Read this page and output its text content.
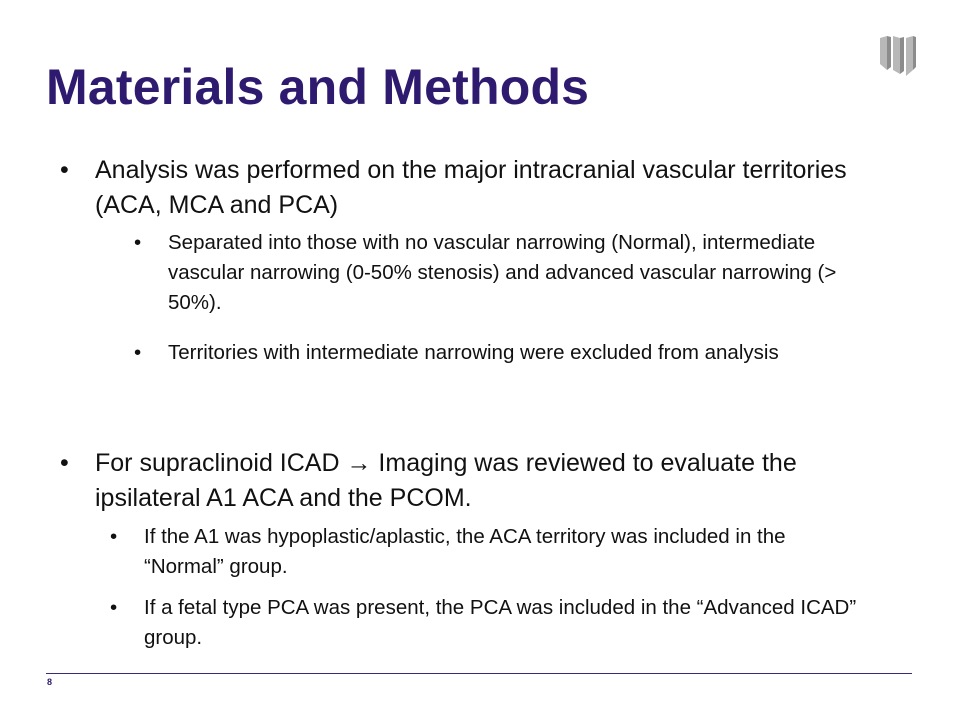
Materials and Methods
• Analysis was performed on the major intracranial vascular territories (ACA, MCA and PCA)
• Separated into those with no vascular narrowing (Normal), intermediate vascular narrowing (0-50% stenosis) and advanced vascular narrowing (> 50%).
• Territories with intermediate narrowing were excluded from analysis
• For supraclinoid ICAD → Imaging was reviewed to evaluate the ipsilateral A1 ACA and the PCOM.
• If the A1 was hypoplastic/aplastic, the ACA territory was included in the “Normal” group.
• If a fetal type PCA was present, the PCA was included in the “Advanced ICAD” group.
8
